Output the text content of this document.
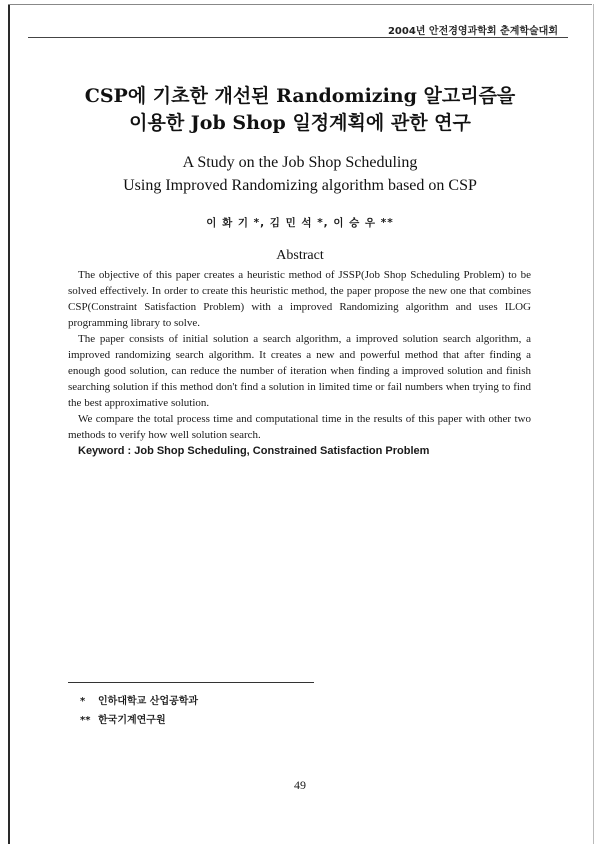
2004년 안전경영과학회 춘계학술대회
CSP에 기초한 개선된 Randomizing 알고리즘을
이용한 Job Shop 일정계획에 관한 연구
A Study on the Job Shop Scheduling
Using Improved Randomizing algorithm based on CSP
이 화 기 *, 김 민 석 *, 이 승 우 **
Abstract

The objective of this paper creates a heuristic method of JSSP(Job Shop Scheduling Problem) to be solved effectively. In order to create this heuristic method, the paper propose the new one that combines CSP(Constraint Satisfaction Problem) with a improved Randomizing algorithm and uses ILOG programming library to solve.

The paper consists of initial solution a search algorithm, a improved solution search algorithm, a improved randomizing search algorithm. It creates a new and powerful method that after finding a enough good solution, can reduce the number of iteration when finding a improved solution and finish searching solution if this method don't find a solution in limited time or fail numbers when trying to find the best approximative solution.

We compare the total process time and computational time in the results of this paper with other two methods to verify how well solution search.

Keyword : Job Shop Scheduling, Constrained Satisfaction Problem

* 인하대학교 산업공학과
** 한국기계연구원
49
